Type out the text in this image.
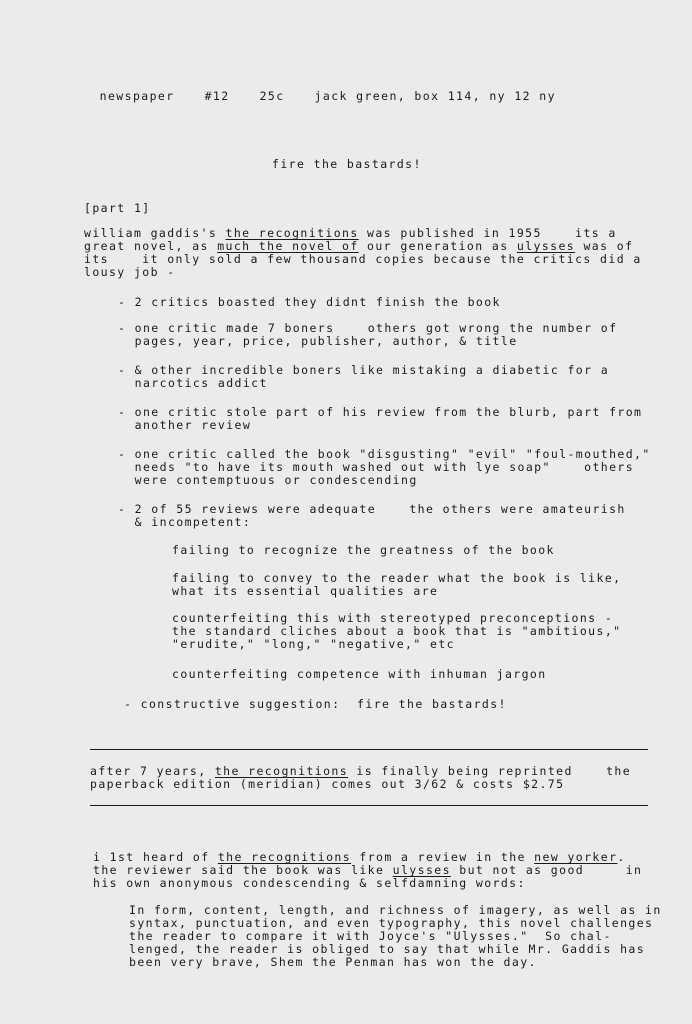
newspaper	#12	25c	jack green, box 114, ny 12 ny

fire the bastards!
[part 1]
william gaddis's the recognitions was published in 1955    its a
great novel, as much the novel of our generation as ulysses was of
its    it only sold a few thousand copies because the critics did a
lousy job -
- 2 critics boasted they didnt finish the book
- one critic made 7 boners    others got wrong the number of
pages, year, price, publisher, author, & title
- & other incredible boners like mistaking a diabetic for a
narcotics addict
- one critic stole part of his review from the blurb, part from
another review
- one critic called the book "disgusting" "evil" "foul-mouthed,"
needs "to have its mouth washed out with lye soap"    others
were contemptuous or condescending
- 2 of 55 reviews were adequate    the others were amateurish
& incompetent:
failing to recognize the greatness of the book
failing to convey to the reader what the book is like,
what its essential qualities are
counterfeiting this with stereotyped preconceptions -
the standard cliches about a book that is "ambitious,"
"erudite," "long," "negative," etc
counterfeiting competence with inhuman jargon
- constructive suggestion:  fire the bastards!
after 7 years, the recognitions is finally being reprinted    the
paperback edition (meridian) comes out 3/62 & costs $2.75
i 1st heard of the recognitions from a review in the new yorker.
the reviewer said the book was like ulysses but not as good     in
his own anonymous condescending & selfdamning words:
In form, content, length, and richness of imagery, as well as in
syntax, punctuation, and even typography, this novel challenges
the reader to compare it with Joyce's "Ulysses."  So chal-
lenged, the reader is obliged to say that while Mr. Gaddis has
been very brave, Shem the Penman has won the day.
